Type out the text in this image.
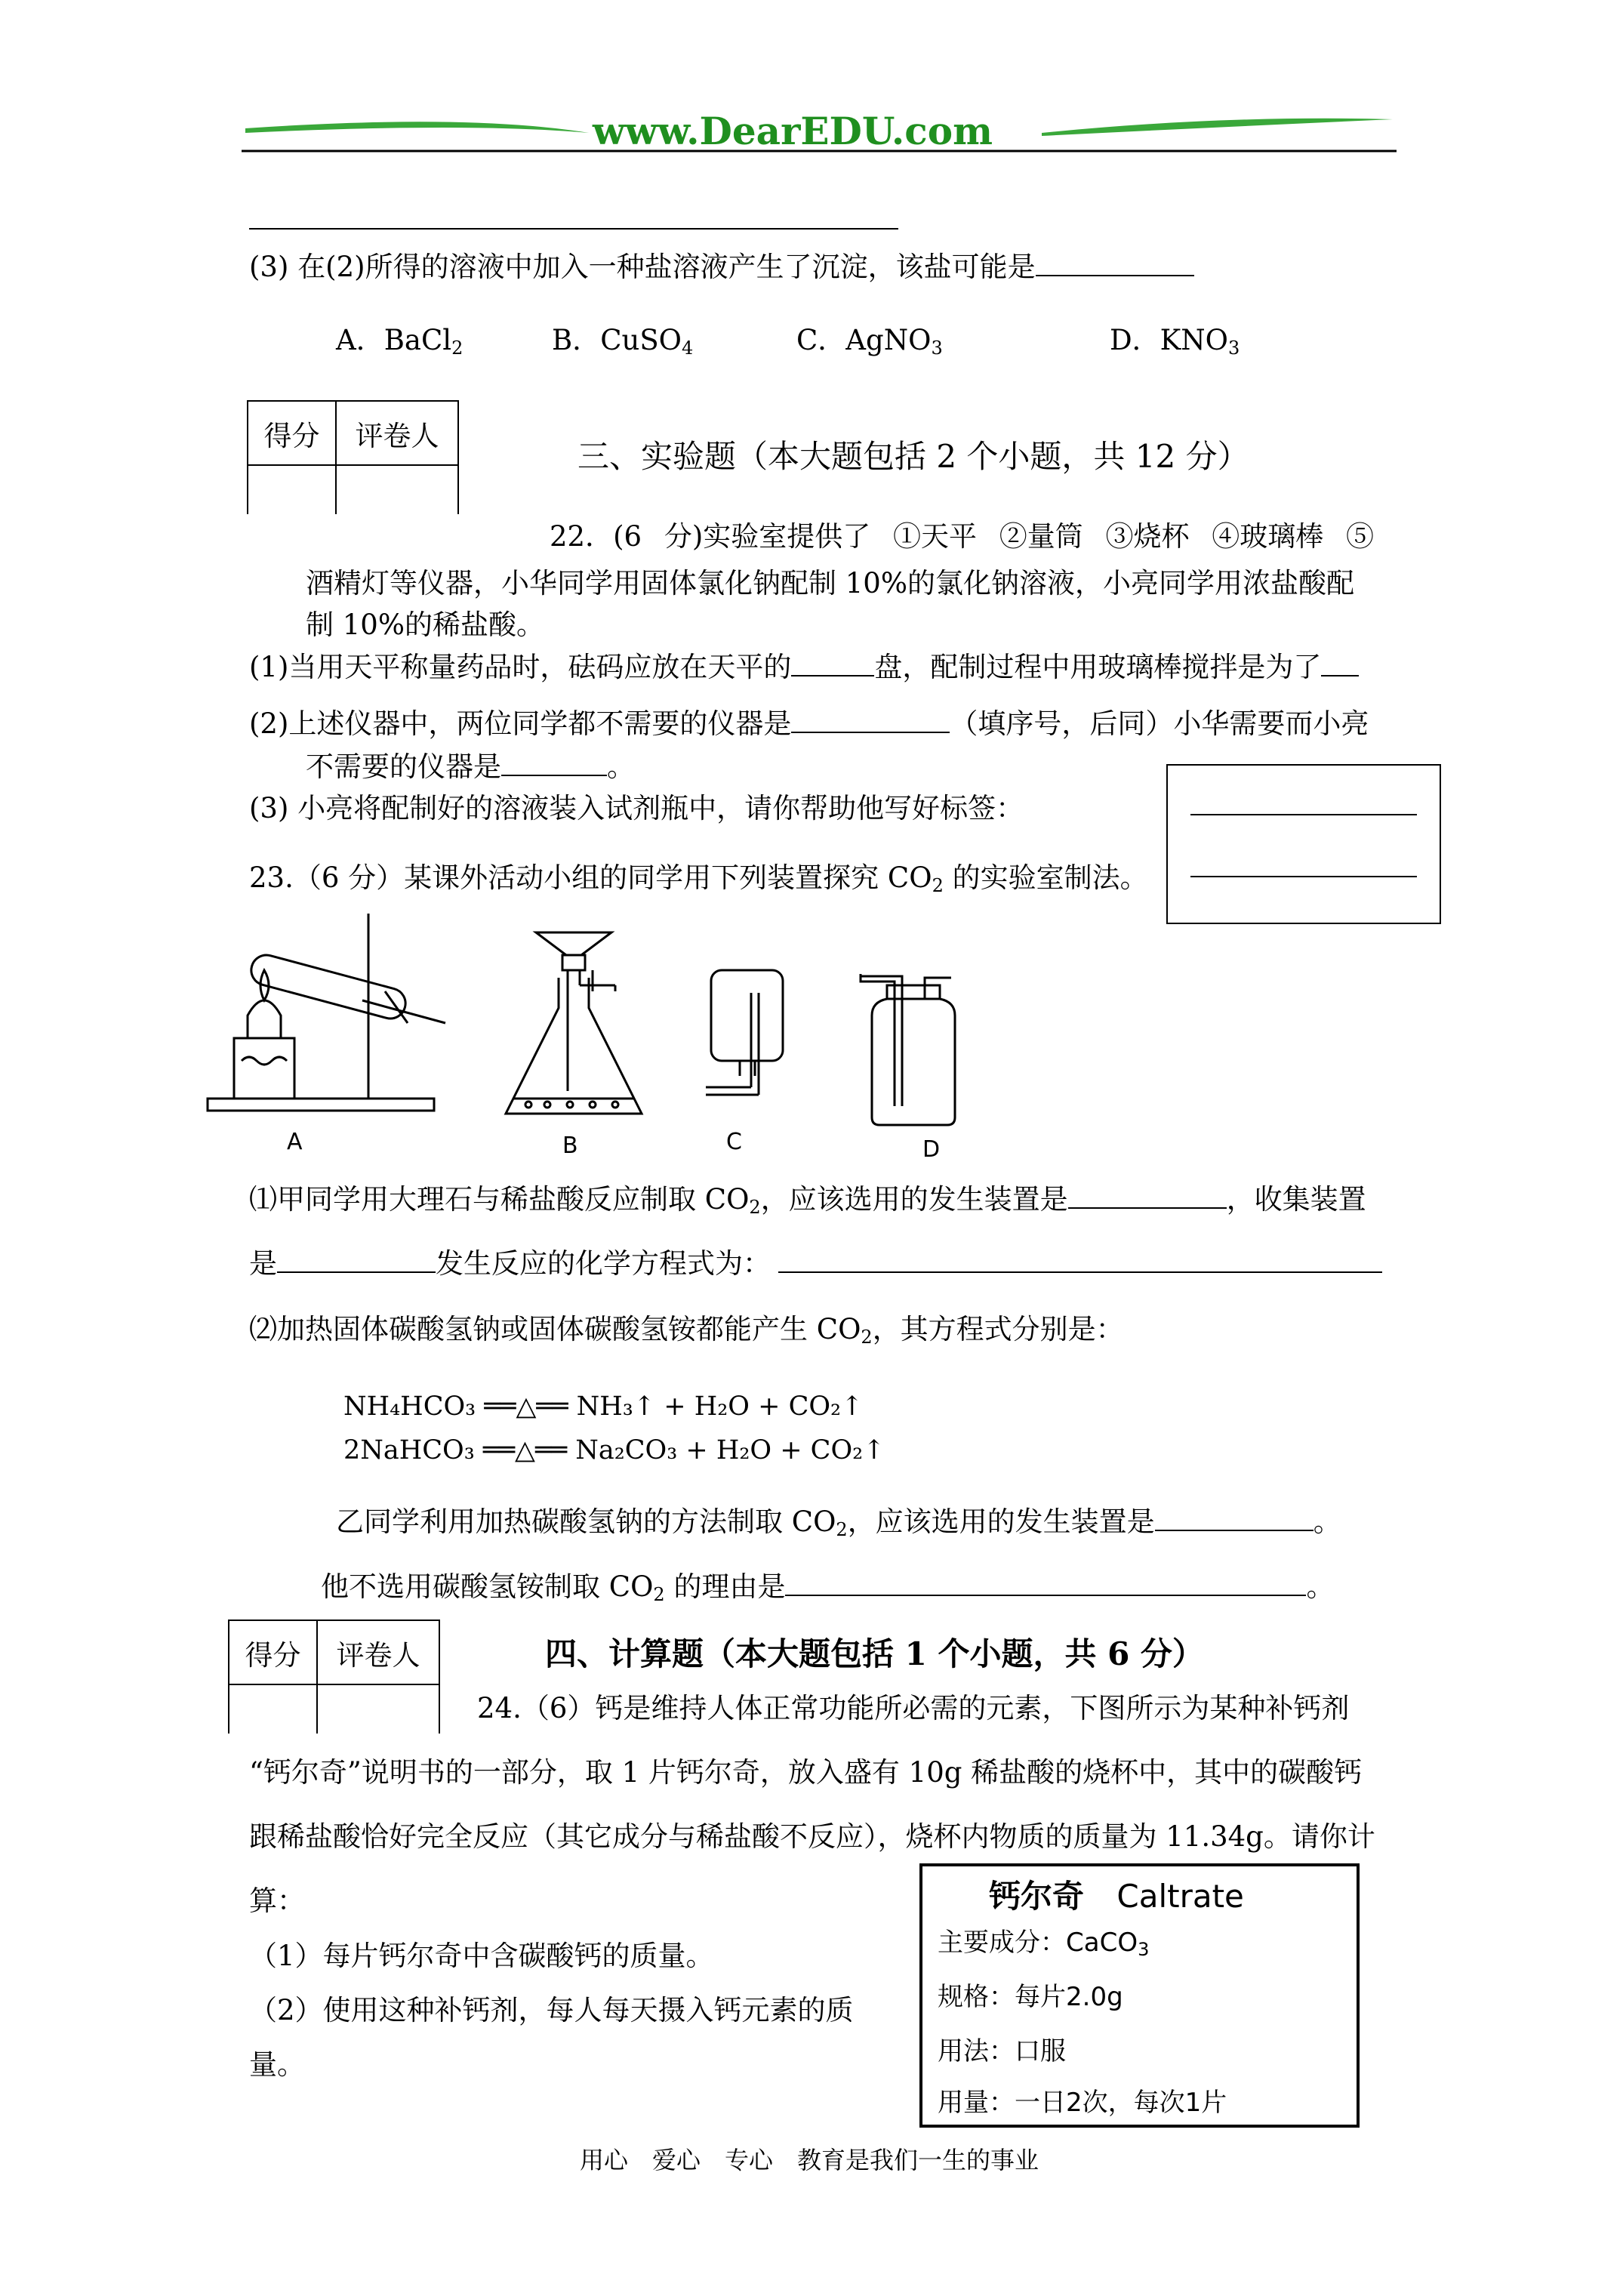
www.DearEDU.com
(3) 在(2)所得的溶液中加入一种盐溶液产生了沉淀，该盐可能是
A．BaCl$_2$	B．CuSO$_4$	C．AgNO$_3$	D．$KNO_3$
得分	评卷人

三、实验题（本大题包括 2 个小题，共 12 分）
22．(6 分)实验室提供了 ①天平 ②量筒 ③烧杯 ④玻璃棒 ⑤
酒精灯等仪器，小华同学用固体氯化钠配制 10%的氯化钠溶液，小亮同学用浓盐酸配
制 10%的稀盐酸。
(1)当用天平称量药品时，砝码应放在天平的	盘，配制过程中用玻璃棒搅拌是为了
(2)上述仪器中，两位同学都不需要的仪器是	（填序号，后同）小华需要而小亮
不需要的仪器是	。
(3) 小亮将配制好的溶液装入试剂瓶中，请你帮助他写好标签：
23.（6 分）某课外活动小组的同学用下列装置探究 $CO_2$ 的实验室制法。
A	B	C	D
⑴甲同学用大理石与稀盐酸反应制取 $CO_2$，应该选用的发生装置是	，收集装置
是	发生反应的化学方程式为：
⑵加热固体碳酸氢钠或固体碳酸氢铵都能产生 $CO_2$，其方程式分别是：
NH₄HCO₃ ══△══ NH₃↑ + H₂O + CO₂↑
2NaHCO₃ ══△══ Na₂CO₃ + H₂O + CO₂↑
乙同学利用加热碳酸氢钠的方法制取 $CO_2$，应该选用的发生装置是	。
他不选用碳酸氢铵制取 $CO_2$ 的理由是	。
得分	评卷人
		四、计算题（本大题包括 1 个小题，共 6 分）
24.（6）钙是维持人体正常功能所必需的元素，下图所示为某种补钙剂
“钙尔奇”说明书的一部分，取 1 片钙尔奇，放入盛有 10g 稀盐酸的烧杯中，其中的碳酸钙
跟稀盐酸恰好完全反应（其它成分与稀盐酸不反应），烧杯内物质的质量为 11.34g。请你计
算：
（1）每片钙尔奇中含碳酸钙的质量。
（2）使用这种补钙剂，每人每天摄入钙元素的质
量。
钙尔奇 Caltrate
主要成分：CaCO$_3$
规格：每片2.0g
用法：口服
用量：一日2次，每次1片
用心　爱心　专心　教育是我们一生的事业
